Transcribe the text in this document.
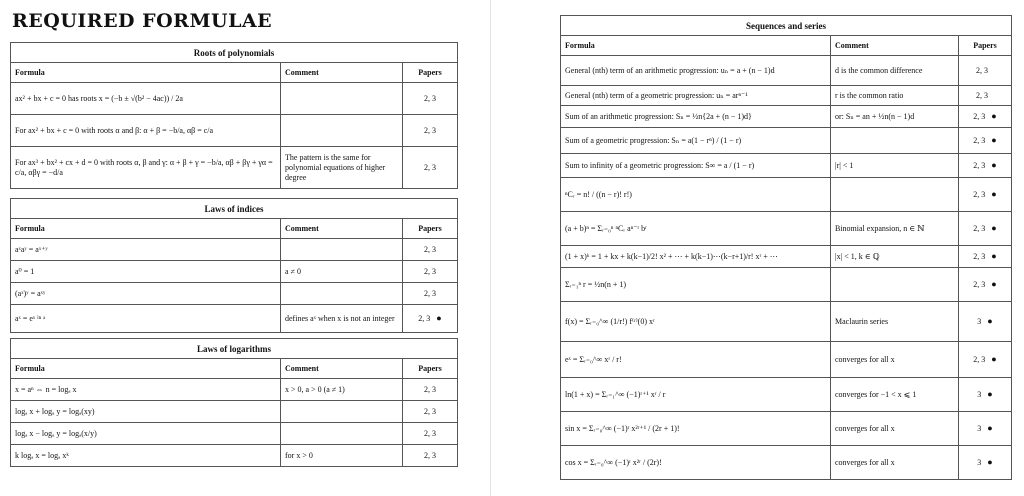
REQUIRED FORMULAE
Roots of polynomials		
Formula	Comment	Papers
ax² + bx + c = 0 has roots x = (−b ± √(b² − 4ac)) / 2a		2, 3
For ax² + bx + c = 0 with roots α and β: α + β = −b/a, αβ = c/a		2, 3
For ax³ + bx² + cx + d = 0 with roots α, β and γ: α + β + γ = −b/a, αβ + βγ + γα = c/a, αβγ = −d/a	The pattern is the same for polynomial equations of higher degree	2, 3
Laws of indices		
Formula	Comment	Papers
aˣaʸ = aˣ⁺ʸ		2, 3
a⁰ = 1	a ≠ 0	2, 3
(aˣ)ʸ = aˣʸ		2, 3
aˣ = eˣ ˡⁿ ᵃ	defines aˣ when x is not an integer	2, 3 ●
Laws of logarithms		
Formula	Comment	Papers
x = aⁿ ⇔ n = logₐ x	x > 0, a > 0 (a ≠ 1)	2, 3
logₐ x + logₐ y = logₐ(xy)		2, 3
logₐ x − logₐ y = logₐ(x/y)		2, 3
k logₐ x = logₐ xᵏ	for x > 0	2, 3
Sequences and series		
Formula	Comment	Papers
General (nth) term of an arithmetic progression: uₙ = a + (n − 1)d	d is the common difference	2, 3
General (nth) term of a geometric progression: uₙ = arⁿ⁻¹	r is the common ratio	2, 3
Sum of an arithmetic progression: Sₙ = ½n{2a + (n − 1)d}	or: Sₙ = an + ½n(n − 1)d	2, 3 ●
Sum of a geometric progression: Sₙ = a(1 − rⁿ) / (1 − r)		2, 3 ●
Sum to infinity of a geometric progression: S∞ = a / (1 − r)	|r| < 1	2, 3 ●
ⁿCᵣ = n! / ((n − r)! r!)		2, 3 ●
(a + b)ⁿ = Σᵣ₌₀ⁿ ⁿCᵣ aⁿ⁻ʳ bʳ	Binomial expansion, n ∈ ℕ	2, 3 ●
(1 + x)ᵏ = 1 + kx + k(k−1)/2! x² + ⋯ + k(k−1)⋯(k−r+1)/r! xʳ + ⋯	|x| < 1, k ∈ ℚ	2, 3 ●
Σᵣ₌₁ⁿ r = ½n(n + 1)		2, 3 ●
f(x) = Σᵣ₌₀^∞ (1/r!) f⁽ʳ⁾(0) xʳ	Maclaurin series	3 ●
eˣ = Σᵣ₌₀^∞ xʳ / r!	converges for all x	2, 3 ●
ln(1 + x) = Σᵣ₌₁^∞ (−1)ʳ⁺¹ xʳ / r	converges for −1 < x ⩽ 1	3 ●
sin x = Σᵣ₌₀^∞ (−1)ʳ x²ʳ⁺¹ / (2r + 1)!	converges for all x	3 ●
cos x = Σᵣ₌₀^∞ (−1)ʳ x²ʳ / (2r)!	converges for all x	3 ●
